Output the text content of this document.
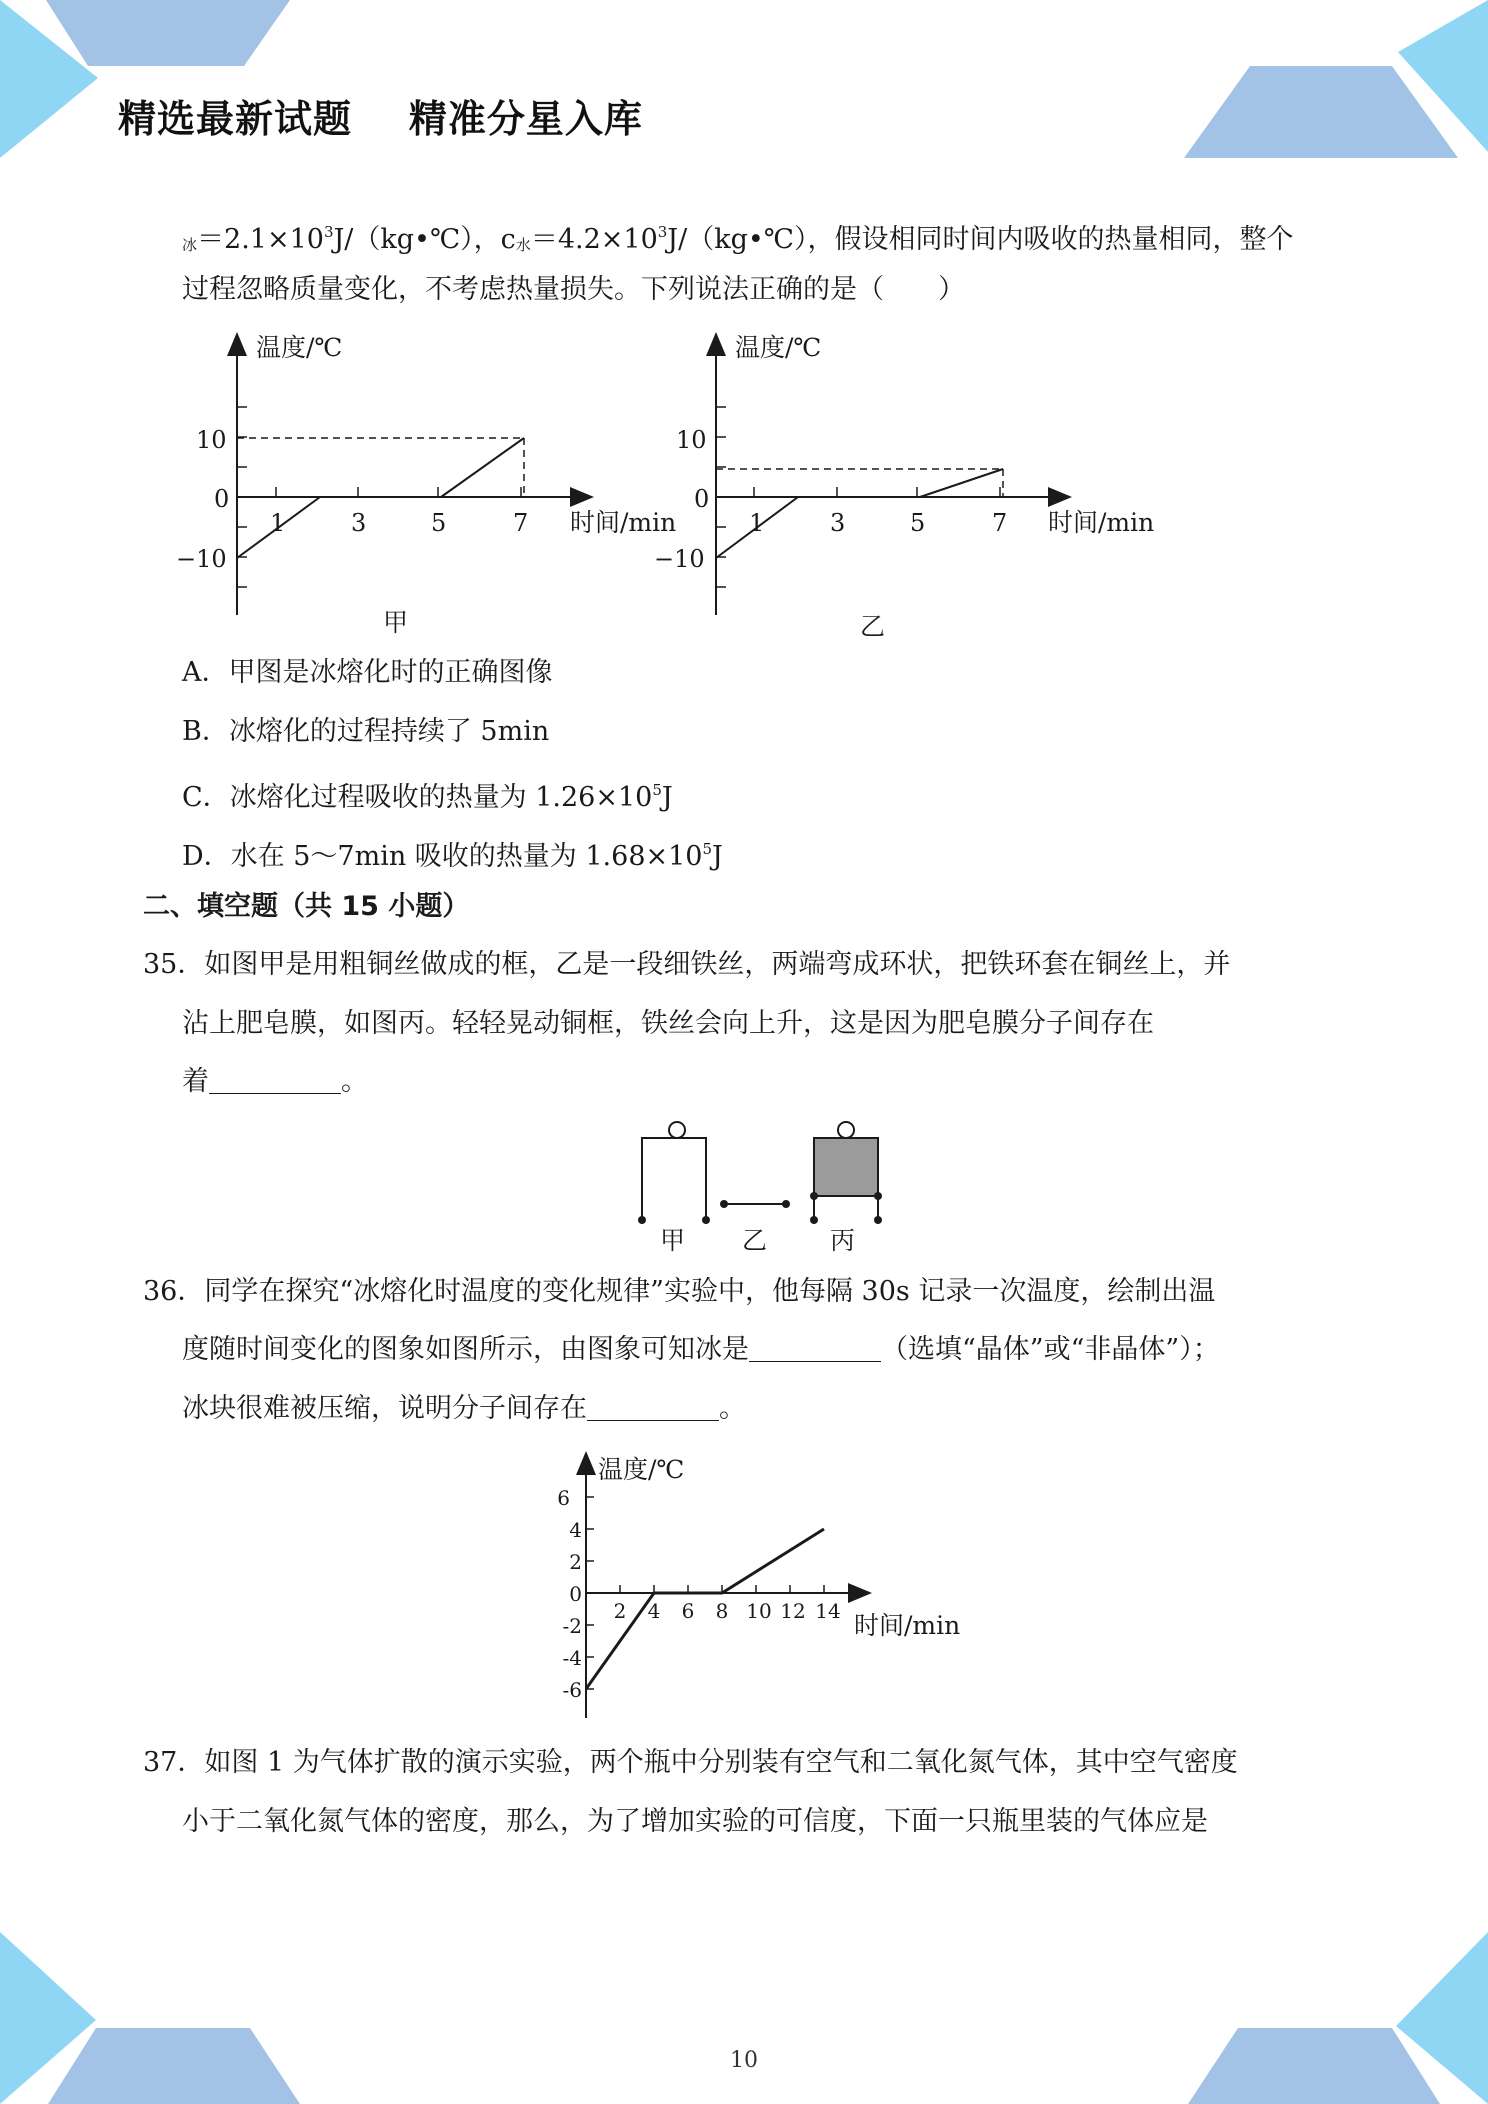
精选最新试题    精准分星入库
冰$=2.1\times 10^3J/(kg•℃)$，c水$=4.2\times 10^3J/(kg•℃)$，假设相同时间内吸收的热量相同，整个
过程忽略质量变化，不考虑热量损失。下列说法正确的是（　　）
温度/℃
10
0
−10
1	3	5	7 时间/min
甲
温度/℃
10
0
−10
1	3	5	7 时间/min
乙
A．甲图是冰熔化时的正确图像
B．冰熔化的过程持续了 5min
C．冰熔化过程吸收的热量为 $1.26\times 10^5J$
D．水在 5～7min 吸收的热量为 $1.68\times 10^5J$
二、填空题（共 15 小题）
35．如图甲是用粗铜丝做成的框，乙是一段细铁丝，两端弯成环状，把铁环套在铜丝上，并
沾上肥皂膜，如图丙。轻轻晃动铜框，铁丝会向上升，这是因为肥皂膜分子间存在
着	。
甲 乙	丙
36．同学在探究“冰熔化时温度的变化规律”实验中，他每隔 30s 记录一次温度，绘制出温
度随时间变化的图象如图所示，由图象可知冰是	（选填“晶体”或“非晶体”）；
冰块很难被压缩，说明分子间存在	。
温度/℃
6
4
2
0
-2
-4
-6
2 4 6 8 10 12 14 时间/min
37．如图 1 为气体扩散的演示实验，两个瓶中分别装有空气和二氧化氮气体，其中空气密度
小于二氧化氮气体的密度，那么，为了增加实验的可信度，下面一只瓶里装的气体应是
10
